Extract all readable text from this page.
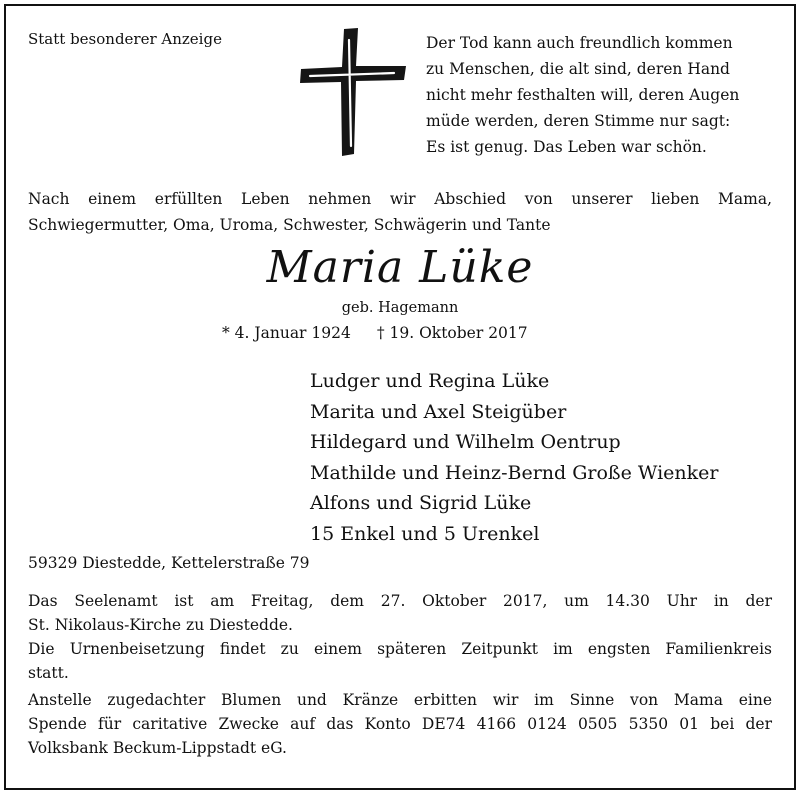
Statt besonderer Anzeige	Der Tod kann auch freundlich kommen
zu Menschen, die alt sind, deren Hand
nicht mehr festhalten will, deren Augen
müde werden, deren Stimme nur sagt:
Es ist genug. Das Leben war schön.
Nach einem erfüllten Leben nehmen wir Abschied von unserer lieben Mama,
Schwiegermutter, Oma, Uroma, Schwester, Schwägerin und Tante
Maria Lüke
geb. Hagemann
* 4. Januar 1924 † 19. Oktober 2017
Ludger und Regina Lüke
Marita und Axel Steigüber
Hildegard und Wilhelm Oentrup
Mathilde und Heinz-Bernd Große Wienker
Alfons und Sigrid Lüke
15 Enkel und 5 Urenkel
59329 Diestedde, Kettelerstraße 79
Das Seelenamt ist am Freitag, dem 27. Oktober 2017, um 14.30 Uhr in der
St. Nikolaus-Kirche zu Diestedde.
Die Urnenbeisetzung findet zu einem späteren Zeitpunkt im engsten Familienkreis
statt.
Anstelle zugedachter Blumen und Kränze erbitten wir im Sinne von Mama eine
Spende für caritative Zwecke auf das Konto DE74 4166 0124 0505 5350 01 bei der
Volksbank Beckum-Lippstadt eG.
